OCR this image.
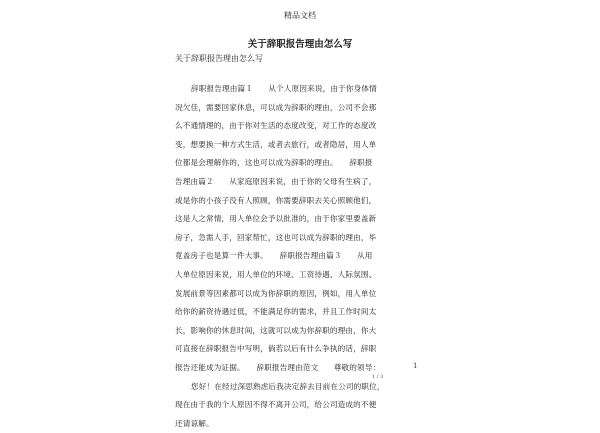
精品文档
关于辞职报告理由怎么写
关于辞职报告理由怎么写
辞职报告理由篇１　　从个人原因来说，由于你身体情
况欠佳，需要回家休息，可以成为辞职的理由，公司不会那
么不通情理的，由于你对生活的态度改变，对工作的态度改
变，想要换一种方式生活，或者去旅行，或者隐居，用人单
位都是会理解你的，这也可以成为辞职的理由。　　辞职报
告理由篇２　　从家庭原因来说，由于你的父母有生病了，
或是你的小孩子没有人照顾，你需要辞职去关心照顾他们，
这是人之常情，用人单位会予以批准的，由于你家里要盖新
房子，急需人手，回家帮忙，这也可以成为辞职的理由，毕
竟盖房子也是算一件大事。　　辞职报告理由篇３　　从用
人单位原因来说，用人单位的环境、工资待遇、人际氛围、
发展前景等因素都可以成为你辞职的原因，例如，用人单位
给你的薪资待遇过低，不能满足你的需求，并且工作时间太
长，影响你的休息时间，这就可以成为你辞职的理由，你大
可直接在辞职报告中写明，倘若以后有什么争执的话，辞职
报告还能成为证据。　　辞职报告理由范文　　尊敬的领导：
您好！在经过深思熟虑后我决定辞去目前在公司的职位，
现在由于我的个人原因不得不离开公司，给公司造成的不便
还请谅解。
1
1 / 3
